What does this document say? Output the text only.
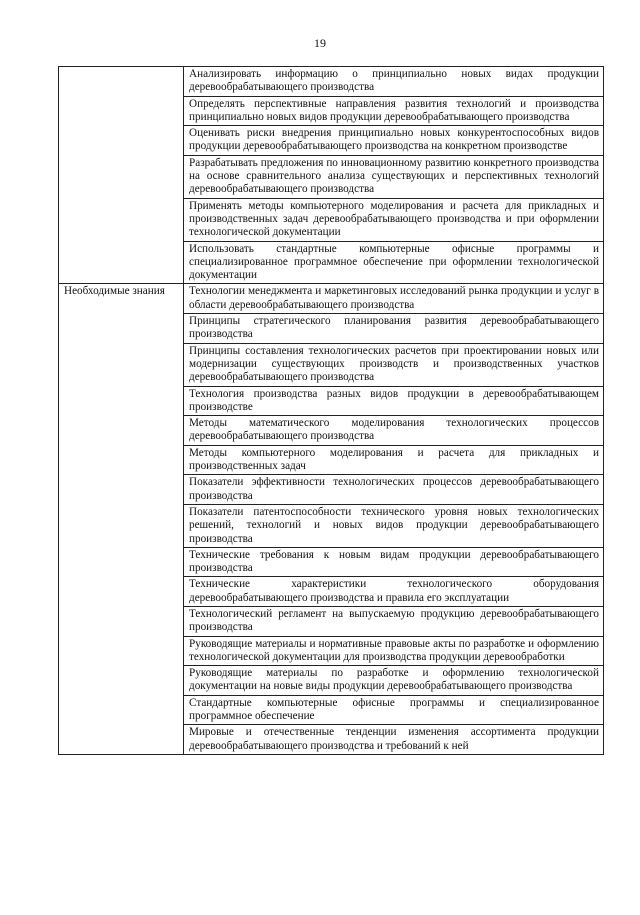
19
	Анализировать информацию о принципиально новых видах продукции деревообрабатывающего производства
	Определять перспективные направления развития технологий и производства принципиально новых видов продукции деревообрабатывающего производства
	Оценивать риски внедрения принципиально новых конкурентоспособных видов продукции деревообрабатывающего производства на конкретном производстве
	Разрабатывать предложения по инновационному развитию конкретного производства на основе сравнительного анализа существующих и перспективных технологий деревообрабатывающего производства
	Применять методы компьютерного моделирования и расчета для прикладных и производственных задач деревообрабатывающего производства и при оформлении технологической документации
	Использовать стандартные компьютерные офисные программы и специализированное программное обеспечение при оформлении технологической документации
Необходимые знания	Технологии менеджмента и маркетинговых исследований рынка продукции и услуг в области деревообрабатывающего производства
	Принципы стратегического планирования развития деревообрабатывающего производства
	Принципы составления технологических расчетов при проектировании новых или модернизации существующих производств и производственных участков деревообрабатывающего производства
	Технология производства разных видов продукции в деревообрабатывающем производстве
	Методы математического моделирования технологических процессов деревообрабатывающего производства
	Методы компьютерного моделирования и расчета для прикладных и производственных задач
	Показатели эффективности технологических процессов деревообрабатывающего производства
	Показатели патентоспособности технического уровня новых технологических решений, технологий и новых видов продукции деревообрабатывающего производства
	Технические требования к новым видам продукции деревообрабатывающего производства
	Технические характеристики технологического оборудования деревообрабатывающего производства и правила его эксплуатации
	Технологический регламент на выпускаемую продукцию деревообрабатывающего производства
	Руководящие материалы и нормативные правовые акты по разработке и оформлению технологической документации для производства продукции деревообработки
	Руководящие материалы по разработке и оформлению технологической документации на новые виды продукции деревообрабатывающего производства
	Стандартные компьютерные офисные программы и специализированное программное обеспечение
	Мировые и отечественные тенденции изменения ассортимента продукции деревообрабатывающего производства и требований к ней
